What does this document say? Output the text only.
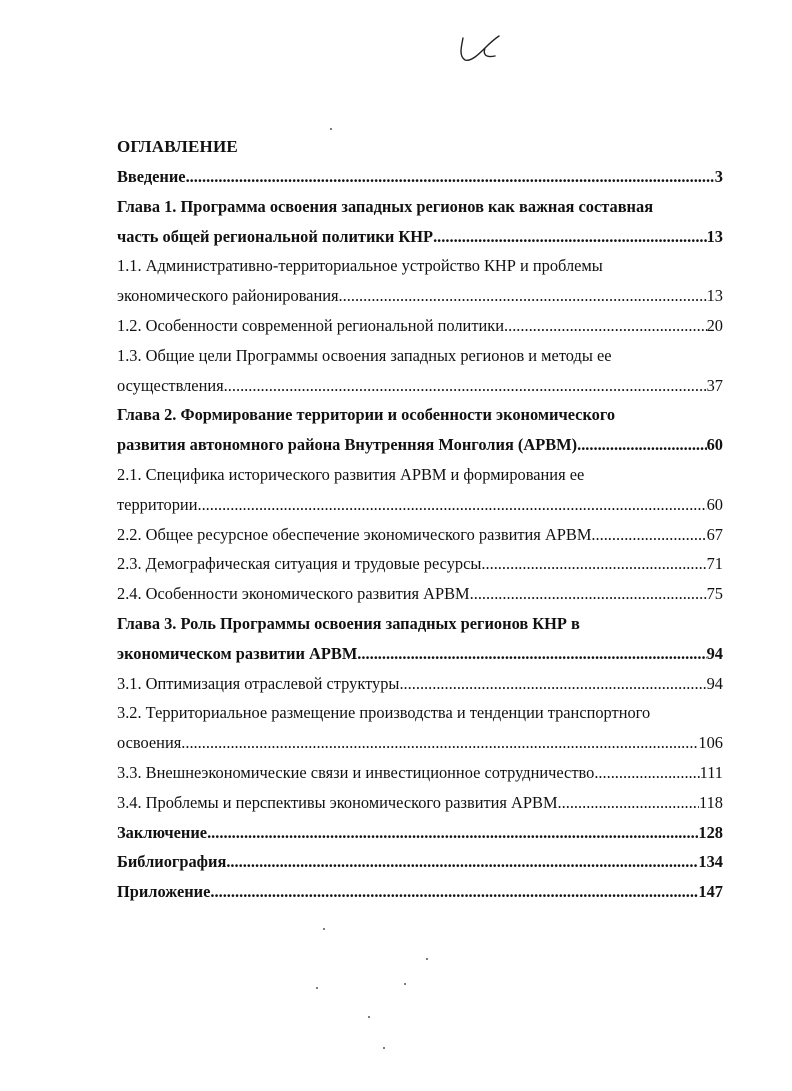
ОГЛАВЛЕНИЕ
Введение .....	3
Глава 1. Программа освоения западных регионов как важная составная
часть общей региональной политики КНР .....	13
1.1. Административно-территориальное устройство КНР и проблемы
экономического районирования .....	13
1.2. Особенности современной региональной политики .....	20
1.3. Общие цели Программы освоения западных регионов и методы ее
осуществления .....	37
Глава 2. Формирование территории и особенности экономического
развития автономного района Внутренняя Монголия (АРВМ) .....	60
2.1. Специфика исторического развития АРВМ и формирования ее
территории .....	60
2.2. Общее ресурсное обеспечение экономического развития АРВМ .....	67
2.3. Демографическая ситуация и трудовые ресурсы .....	71
2.4. Особенности экономического развития АРВМ .....	75
Глава 3. Роль Программы освоения западных регионов КНР в
экономическом развитии АРВМ .....	94
3.1. Оптимизация отраслевой структуры .....	94
3.2. Территориальное размещение производства и тенденции транспортного
освоения .....	106
3.3. Внешнеэкономические связи и инвестиционное сотрудничество .....	111
3.4. Проблемы и перспективы экономического развития АРВМ .....	118
Заключение .....	128
Библиография .....	134
Приложение .....	147
